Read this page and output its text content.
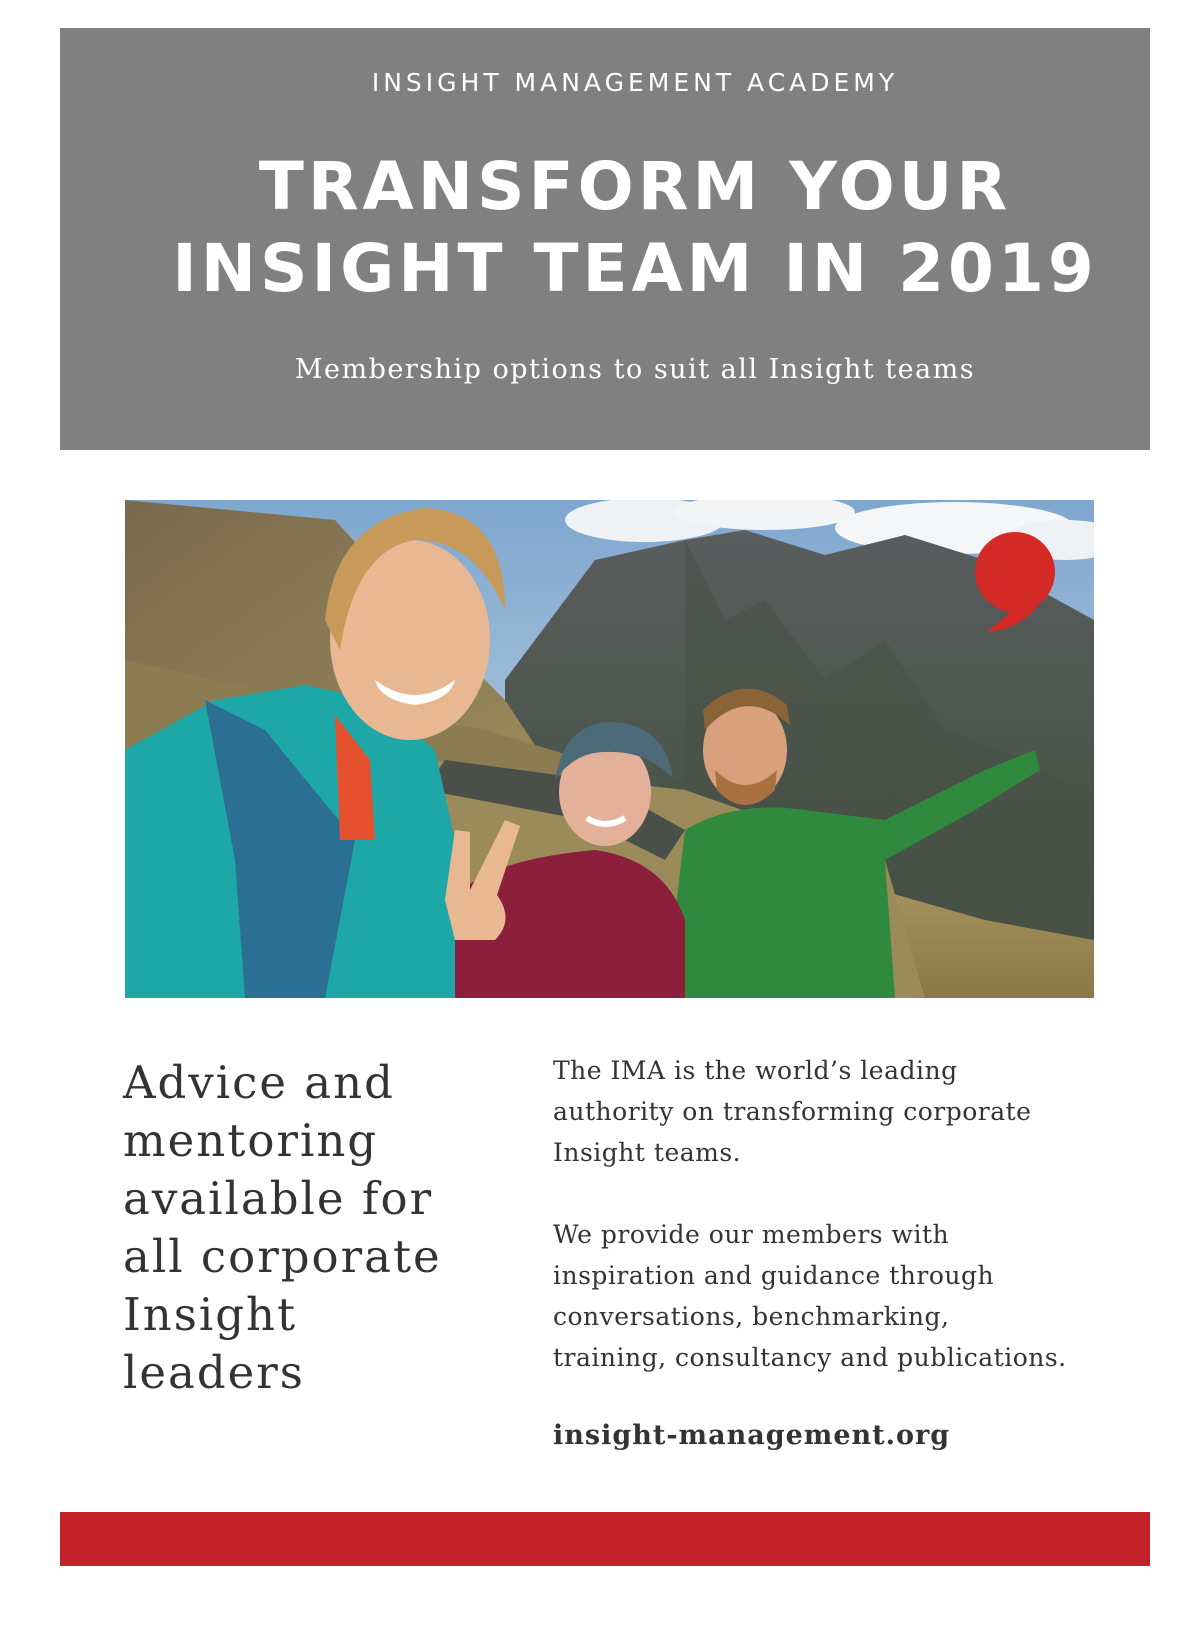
INSIGHT MANAGEMENT ACADEMY
TRANSFORM YOUR
INSIGHT TEAM IN 2019
Membership options to suit all Insight teams
Advice and
mentoring
available for
all corporate
Insight
leaders
The IMA is the world’s leading
authority on transforming corporate
Insight teams.
We provide our members with
inspiration and guidance through
conversations, benchmarking,
training, consultancy and publications.
insight-management.org
